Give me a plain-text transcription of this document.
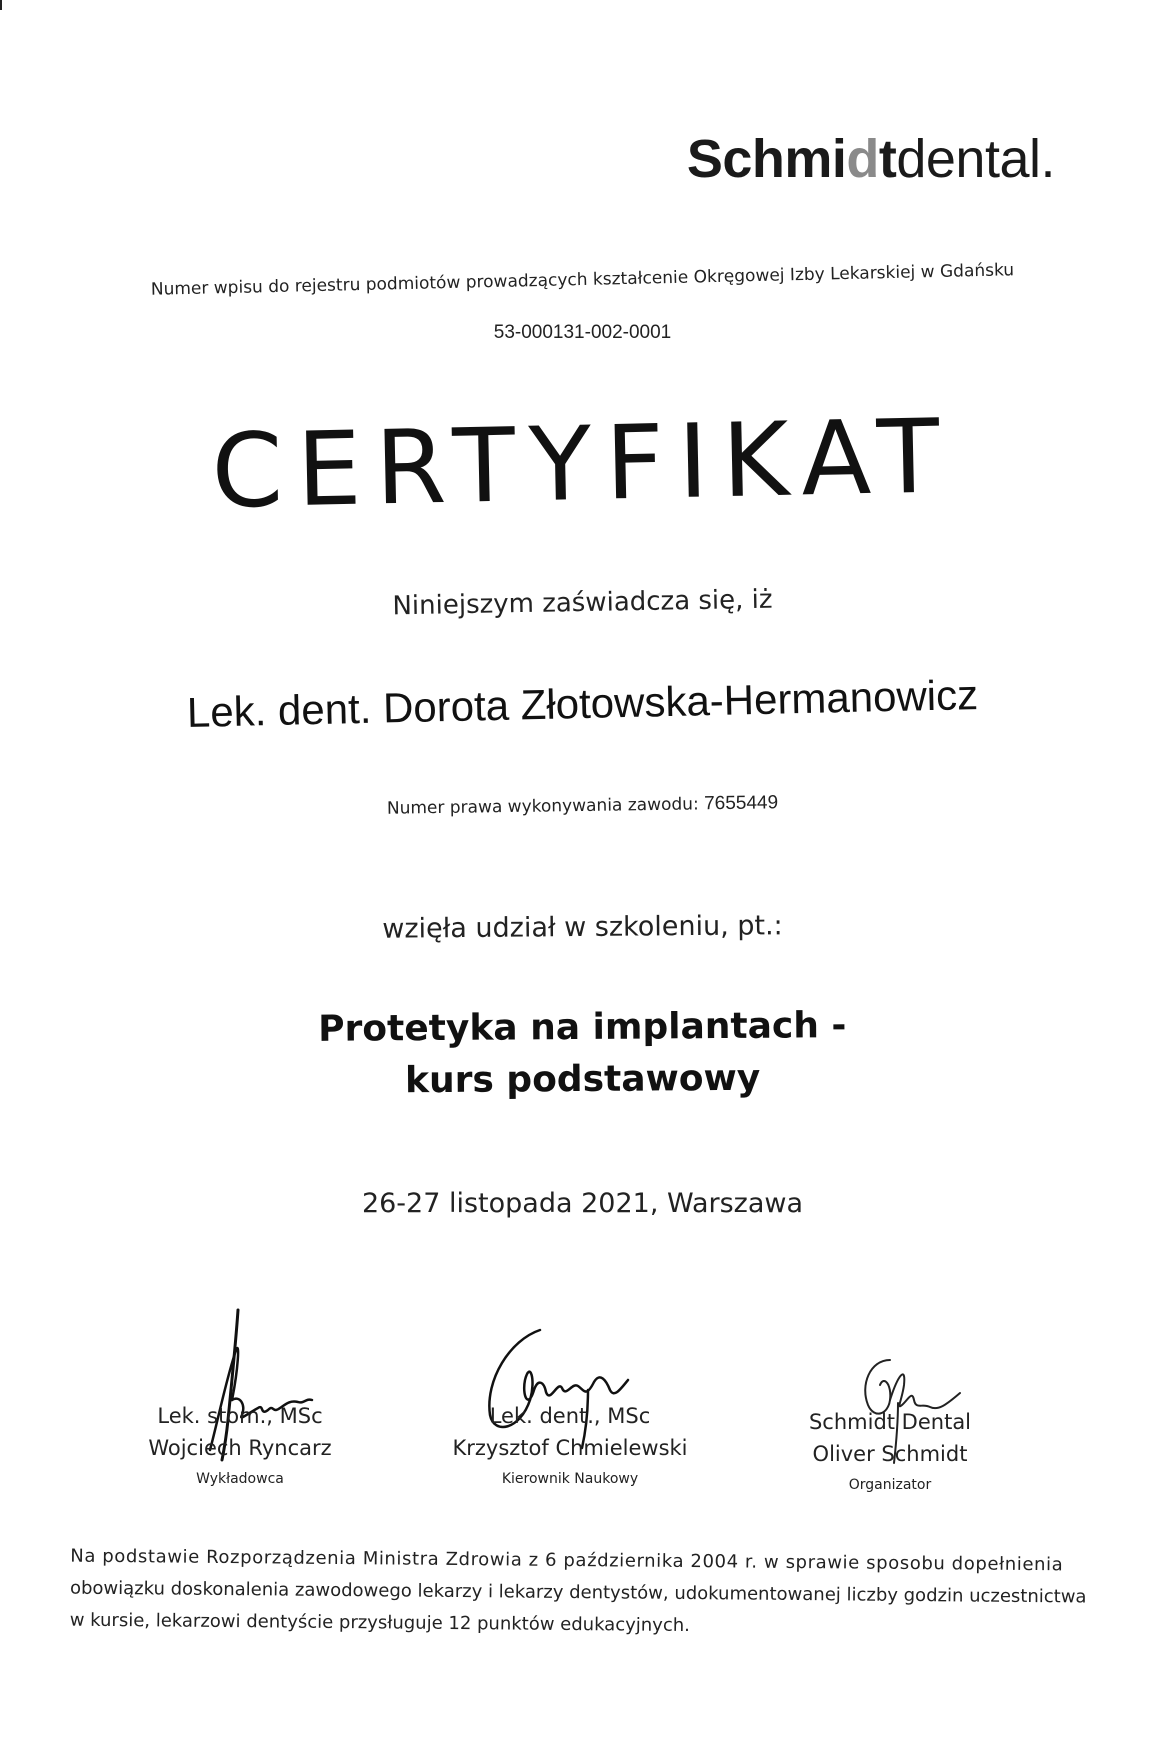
Schmidtdental.
Numer wpisu do rejestru podmiotów prowadzących kształcenie Okręgowej Izby Lekarskiej w Gdańsku
53-000131-002-0001
CERTYFIKAT
Niniejszym zaświadcza się, iż
Lek. dent. Dorota Złotowska-Hermanowicz
Numer prawa wykonywania zawodu: 7655449
wzięła udział w szkoleniu, pt.:
Protetyka na implantach -
kurs podstawowy
26-27 listopada 2021, Warszawa
Lek. stom., MSc
Wojciech Ryncarz
Wykładowca
Lek. dent., MSc
Krzysztof Chmielewski
Kierownik Naukowy
Schmidt Dental
Oliver Schmidt
Organizator
Na podstawie Rozporządzenia Ministra Zdrowia z 6 października 2004 r. w sprawie sposobu dopełnienia
obowiązku doskonalenia zawodowego lekarzy i lekarzy dentystów, udokumentowanej liczby godzin uczestnictwa
w kursie, lekarzowi dentyście przysługuje 12 punktów edukacyjnych.
